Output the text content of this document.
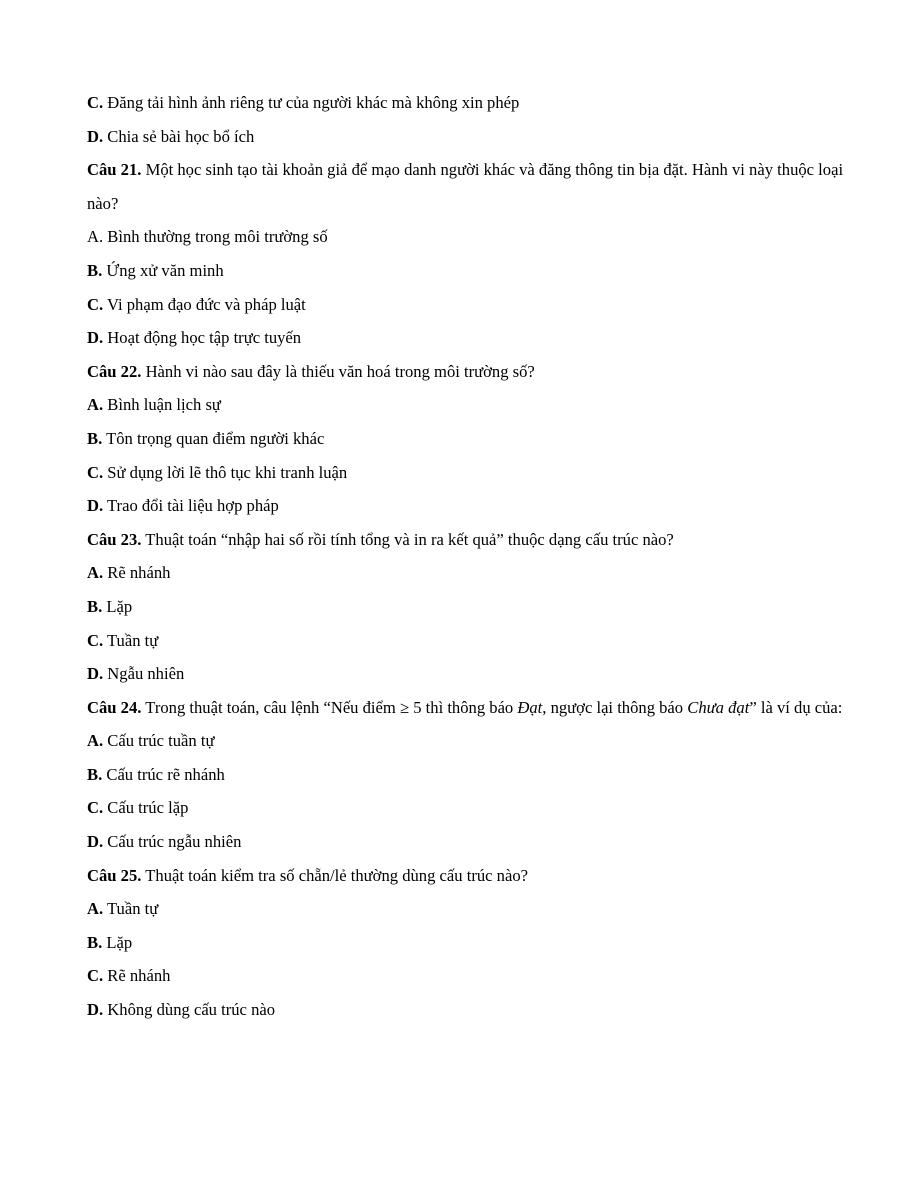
C. Đăng tải hình ảnh riêng tư của người khác mà không xin phép
D. Chia sẻ bài học bổ ích
Câu 21. Một học sinh tạo tài khoản giả để mạo danh người khác và đăng thông tin bịa đặt. Hành vi này thuộc loại nào?
A. Bình thường trong môi trường số
B. Ứng xử văn minh
C. Vi phạm đạo đức và pháp luật
D. Hoạt động học tập trực tuyến
Câu 22. Hành vi nào sau đây là thiếu văn hoá trong môi trường số?
A. Bình luận lịch sự
B. Tôn trọng quan điểm người khác
C. Sử dụng lời lẽ thô tục khi tranh luận
D. Trao đổi tài liệu hợp pháp
Câu 23. Thuật toán “nhập hai số rồi tính tổng và in ra kết quả” thuộc dạng cấu trúc nào?
A. Rẽ nhánh
B. Lặp
C. Tuần tự
D. Ngẫu nhiên
Câu 24. Trong thuật toán, câu lệnh “Nếu điểm ≥ 5 thì thông báo Đạt, ngược lại thông báo Chưa đạt” là ví dụ của:
A. Cấu trúc tuần tự
B. Cấu trúc rẽ nhánh
C. Cấu trúc lặp
D. Cấu trúc ngẫu nhiên
Câu 25. Thuật toán kiểm tra số chẵn/lẻ thường dùng cấu trúc nào?
A. Tuần tự
B. Lặp
C. Rẽ nhánh
D. Không dùng cấu trúc nào
